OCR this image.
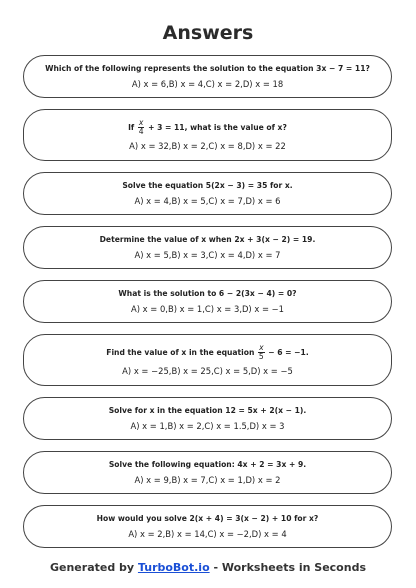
Answers
Which of the following represents the solution to the equation 3x − 7 = 11?
A) x = 6,B) x = 4,C) x = 2,D) x = 18
If $\frac{x}{4} + 3 = 11$, what is the value of x?
A) x = 32,B) x = 2,C) x = 8,D) x = 22
Solve the equation 5(2x − 3) = 35 for x.
A) x = 4,B) x = 5,C) x = 7,D) x = 6
Determine the value of x when 2x + 3(x − 2) = 19.
A) x = 5,B) x = 3,C) x = 4,D) x = 7
What is the solution to 6 − 2(3x − 4) = 0?
A) x = 0,B) x = 1,C) x = 3,D) x = −1
Find the value of x in the equation $\frac{x}{5} - 6 = -1$.
A) x = −25,B) x = 25,C) x = 5,D) x = −5
Solve for x in the equation 12 = 5x + 2(x − 1).
A) x = 1,B) x = 2,C) x = 1.5,D) x = 3
Solve the following equation: 4x + 2 = 3x + 9.
A) x = 9,B) x = 7,C) x = 1,D) x = 2
How would you solve 2(x + 4) = 3(x − 2) + 10 for x?
A) x = 2,B) x = 14,C) x = −2,D) x = 4
Generated by TurboBot.io - Worksheets in Seconds
